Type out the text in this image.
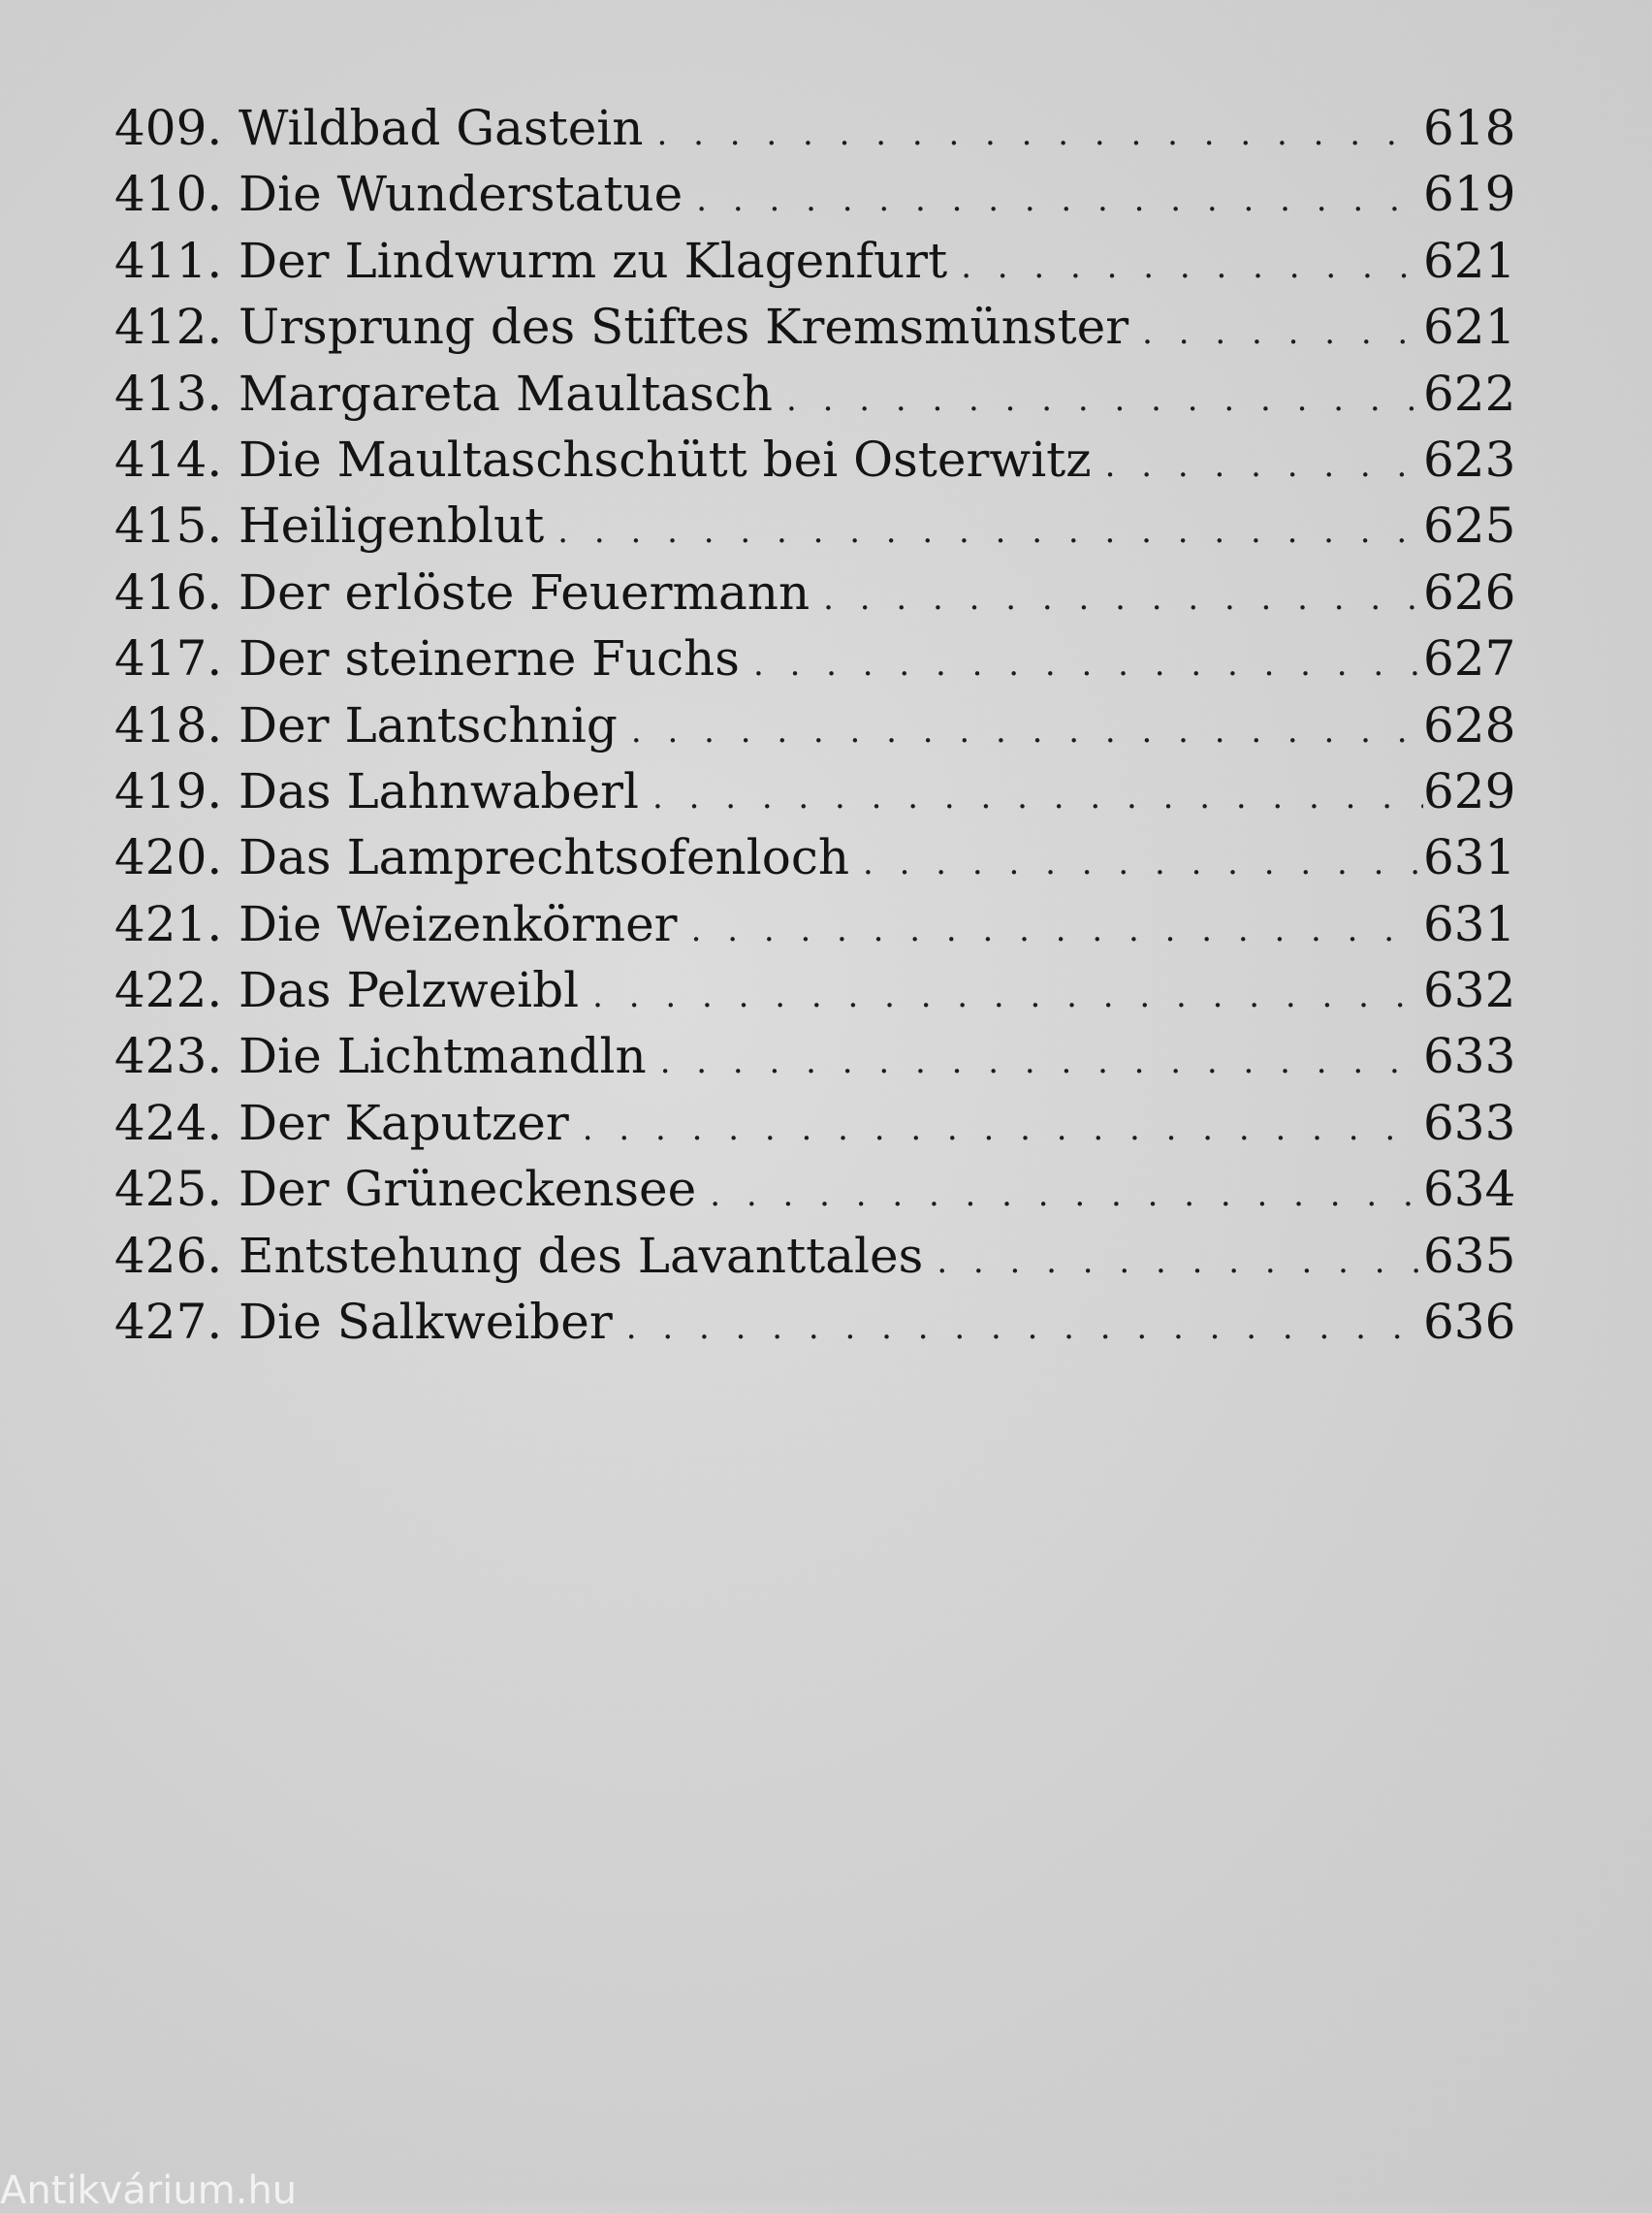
409. Wildbad Gastein . . .	618
410. Die Wunderstatue . . .	619
411. Der Lindwurm zu Klagenfurt . . .	621
412. Ursprung des Stiftes Kremsmünster . . .	621
413. Margareta Maultasch . . .	622
414. Die Maultaschschütt bei Osterwitz . . .	623
415. Heiligenblut . . .	625
416. Der erlöste Feuermann . . .	626
417. Der steinerne Fuchs . . .	627
418. Der Lantschnig . . .	628
419. Das Lahnwaberl . . .	629
420. Das Lamprechtsofenloch . . .	631
421. Die Weizenkörner . . .	631
422. Das Pelzweibl . . .	632
423. Die Lichtmandln . . .	633
424. Der Kaputzer . . .	633
425. Der Grüneckensee . . .	634
426. Entstehung des Lavanttales . . .	635
427. Die Salkweiber . . .	636
Antikvárium.hu
